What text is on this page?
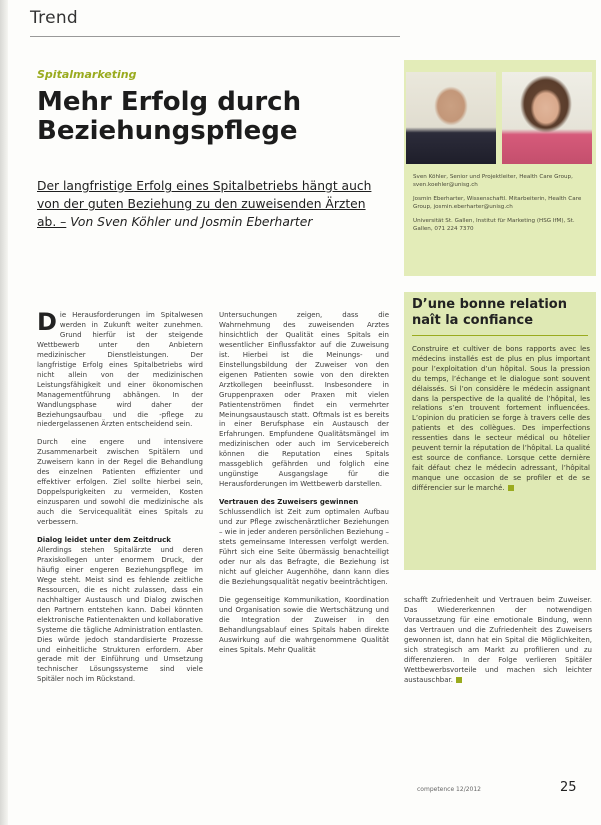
Trend
Spitalmarketing
Mehr Erfolg durch Beziehungspflege
Der langfristige Erfolg eines Spitalbetriebs hängt auch von der guten Beziehung zu den zuweisenden Ärzten ab. – Von Sven Köhler und Josmin Eberharter
Sven Köhler, Senior und Projektleiter, Health Care Group, sven.koehler@unisg.ch
Josmin Eberharter, Wissenschaftl. Mitarbeiterin, Health Care Group, josmin.eberharter@unisg.ch
Universität St. Gallen, Institut für Marketing (HSG IfM), St. Gallen, 071 224 7370

Die Herausforderungen im Spitalwesen werden in Zukunft weiter zunehmen. Grund hierfür ist der steigende Wettbewerb unter den Anbietern medizinischer Dienstleistungen. Der langfristige Erfolg eines Spitalbetriebs wird nicht allein von der medizinischen Leistungsfähigkeit und einer ökonomischen Managementführung abhängen. In der Wandlungsphase wird daher der Beziehungsaufbau und die -pflege zu niedergelassenen Ärzten entscheidend sein.

Durch eine engere und intensivere Zusammenarbeit zwischen Spitälern und Zuweisern kann in der Regel die Behandlung des einzelnen Patienten effizienter und effektiver erfolgen. Ziel sollte hierbei sein, Doppelspurigkeiten zu vermeiden, Kosten einzusparen und sowohl die medizinische als auch die Servicequalität eines Spitals zu verbessern.

Dialog leidet unter dem Zeitdruck

Allerdings stehen Spitalärzte und deren Praxiskollegen unter enormem Druck, der häufig einer engeren Beziehungspflege im Wege steht. Meist sind es fehlende zeitliche Ressourcen, die es nicht zulassen, dass ein nachhaltiger Austausch und Dialog zwischen den Partnern entstehen kann. Dabei könnten elektronische Patientenakten und kollaborative Systeme die tägliche Administration entlasten. Dies würde jedoch standardisierte Prozesse und einheitliche Strukturen erfordern. Aber gerade mit der Einführung und Umsetzung technischer Lösungssysteme sind viele Spitäler noch im Rückstand.

Untersuchungen zeigen, dass die Wahrnehmung des zuweisenden Arztes hinsichtlich der Qualität eines Spitals ein wesentlicher Einflussfaktor auf die Zuweisung ist. Hierbei ist die Meinungs- und Einstellungsbildung der Zuweiser von den eigenen Patienten sowie von den direkten Arztkollegen beeinflusst. Insbesondere in Gruppenpraxen oder Praxen mit vielen Patientenströmen findet ein vermehrter Meinungsaustausch statt. Oftmals ist es bereits in einer Berufsphase ein Austausch der Erfahrungen. Empfundene Qualitätsmängel im medizinischen oder auch im Servicebereich können die Reputation eines Spitals massgeblich gefährden und folglich eine ungünstige Ausgangslage für die Herausforderungen im Wettbewerb darstellen.

Vertrauen des Zuweisers gewinnen

Schlussendlich ist Zeit zum optimalen Aufbau und zur Pflege zwischenärztlicher Beziehungen – wie in jeder anderen persönlichen Beziehung – stets gemeinsame Interessen verfolgt werden. Führt sich eine Seite übermässig benachteiligt oder nur als das Befragte, die Beziehung ist nicht auf gleicher Augenhöhe, dann kann dies die Beziehungsqualität negativ beeinträchtigen.

Die gegenseitige Kommunikation, Koordination und Organisation sowie die Wertschätzung und die Integration der Zuweiser in den Behandlungsablauf eines Spitals haben direkte Auswirkung auf die wahrgenommene Qualität eines Spitals. Mehr Qualität

D’une bonne relation naît la confiance
Construire et cultiver de bons rapports avec les médecins installés est de plus en plus important pour l’exploitation d’un hôpital. Sous la pression du temps, l’échange et le dialogue sont souvent délaissés. Si l’on considère le médecin assignant dans la perspective de la qualité de l’hôpital, les relations s’en trouvent fortement influencées. L’opinion du praticien se forge à travers celle des patients et des collègues. Des imperfections ressenties dans le secteur médical ou hôtelier peuvent ternir la réputation de l’hôpital. La qualité est source de confiance. Lorsque cette dernière fait défaut chez le médecin adressant, l’hôpital manque une occasion de se profiler et de se différencier sur le marché.

schafft Zufriedenheit und Vertrauen beim Zuweiser. Das Wiedererkennen der notwendigen Voraussetzung für eine emotionale Bindung, wenn das Vertrauen und die Zufriedenheit des Zuweisers gewonnen ist, dann hat ein Spital die Möglichkeiten, sich strategisch am Markt zu profilieren und zu differenzieren. In der Folge verlieren Spitäler Wettbewerbsvorteile und machen sich leichter austauschbar.

competence 12/2012	25
